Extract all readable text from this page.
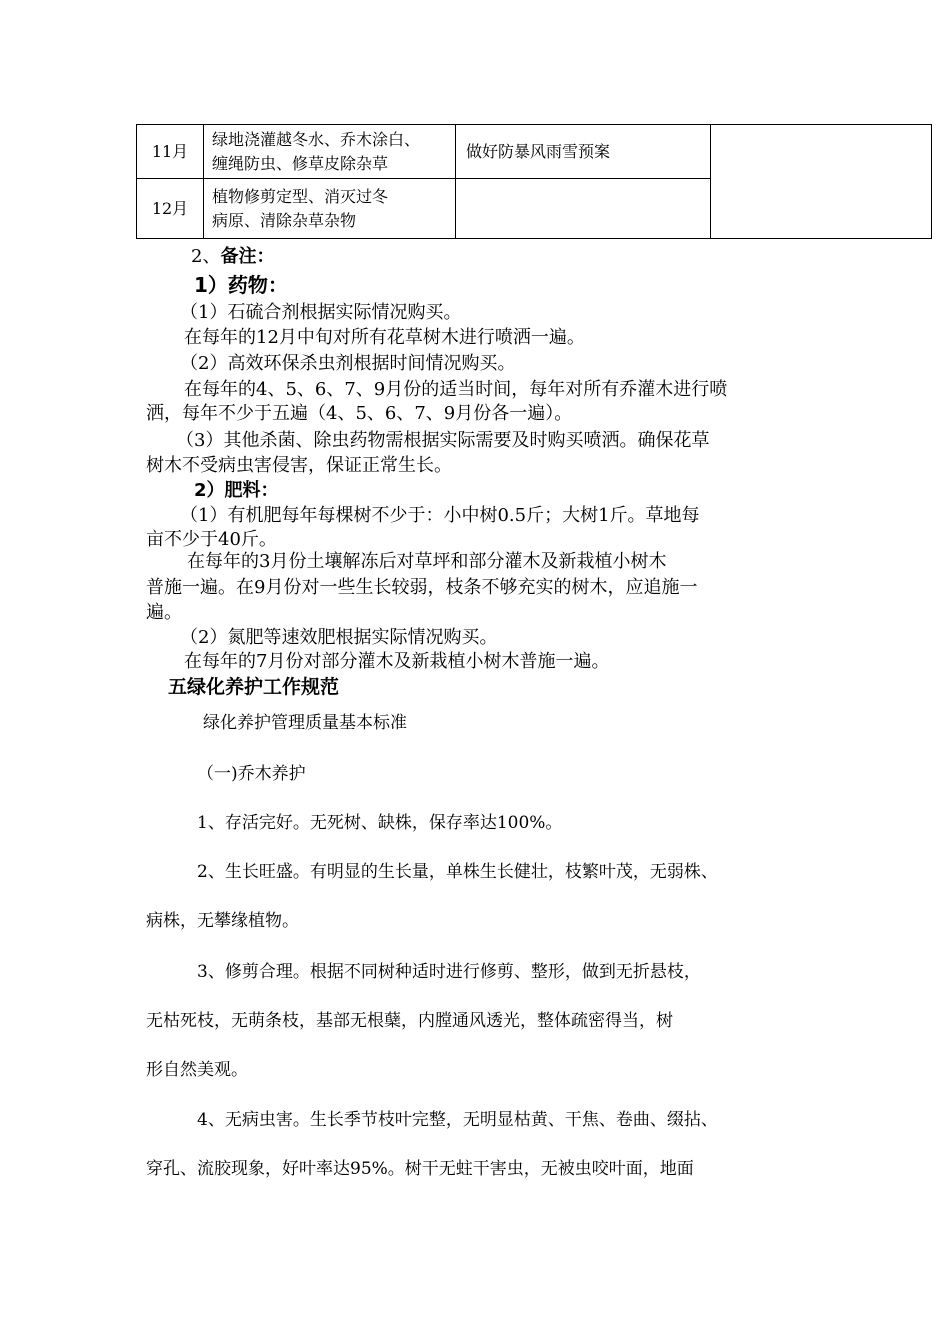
11月	绿地浇灌越冬水、乔木涂白、
缠绳防虫、修草皮除杂草	做好防暴风雨雪预案	
12月	植物修剪定型、消灭过冬
病原、清除杂草杂物		

2、备注：
1）药物：
（1）石硫合剂根据实际情况购买。
在每年的12月中旬对所有花草树木进行喷洒一遍。
（2）高效环保杀虫剂根据时间情况购买。
在每年的4、5、6、7、9月份的适当时间，每年对所有乔灌木进行喷
洒，每年不少于五遍（4、5、6、7、9月份各一遍）。
（3）其他杀菌、除虫药物需根据实际需要及时购买喷洒。确保花草
树木不受病虫害侵害，保证正常生长。
2）肥料：
（1）有机肥每年每棵树不少于：小中树0.5斤；大树1斤。草地每
亩不少于40斤。
在每年的3月份土壤解冻后对草坪和部分灌木及新栽植小树木
普施一遍。在9月份对一些生长较弱，枝条不够充实的树木，应追施一
遍。
（2）氮肥等速效肥根据实际情况购买。
在每年的7月份对部分灌木及新栽植小树木普施一遍。
五绿化养护工作规范
绿化养护管理质量基本标准
（一)乔木养护
1、存活完好。无死树、缺株，保存率达100%。
2、生长旺盛。有明显的生长量，单株生长健壮，枝繁叶茂，无弱株、
病株，无攀缘植物。
3、修剪合理。根据不同树种适时进行修剪、整形，做到无折悬枝，
无枯死枝，无萌条枝，基部无根蘖，内膛通风透光，整体疏密得当，树
形自然美观。
4、无病虫害。生长季节枝叶完整，无明显枯黄、干焦、卷曲、缀拈、
穿孔、流胶现象，好叶率达95%。树干无蛀干害虫，无被虫咬叶面，地面
